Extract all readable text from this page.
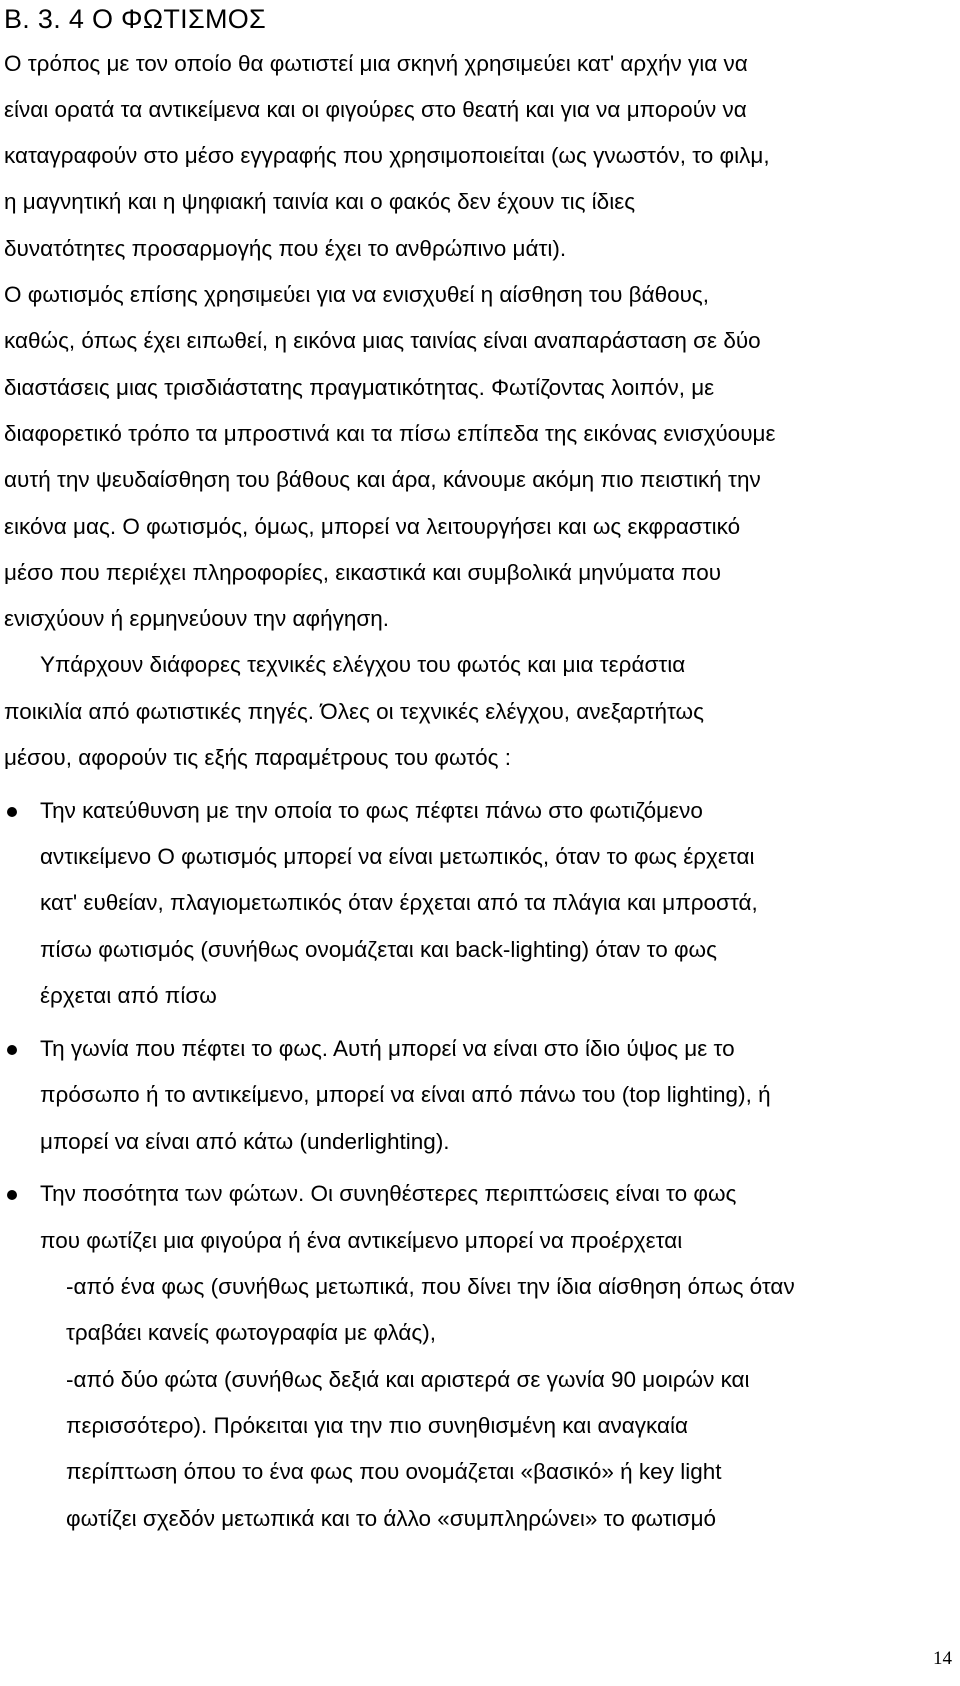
Β. 3. 4 Ο ΦΩΤΙΣΜΟΣ
Ο τρόπος με τον οποίο θα φωτιστεί μια σκηνή χρησιμεύει κατ' αρχήν για να
είναι ορατά τα αντικείμενα και οι φιγούρες στο θεατή και για να μπορούν να
καταγραφούν στο μέσο εγγραφής που χρησιμοποιείται (ως γνωστόν, το φιλμ,
η μαγνητική και η ψηφιακή ταινία και ο φακός δεν έχουν τις ίδιες
δυνατότητες προσαρμογής που έχει το ανθρώπινο μάτι).
Ο φωτισμός επίσης χρησιμεύει για να ενισχυθεί η αίσθηση του βάθους,
καθώς, όπως έχει ειπωθεί, η εικόνα μιας ταινίας είναι αναπαράσταση σε δύο
διαστάσεις μιας τρισδιάστατης πραγματικότητας. Φωτίζοντας λοιπόν, με
διαφορετικό τρόπο τα μπροστινά και τα πίσω επίπεδα της εικόνας ενισχύουμε
αυτή την ψευδαίσθηση του βάθους και άρα, κάνουμε ακόμη πιο πειστική την
εικόνα μας. Ο φωτισμός, όμως, μπορεί να λειτουργήσει και ως εκφραστικό
μέσο που περιέχει πληροφορίες, εικαστικά και συμβολικά μηνύματα που
ενισχύουν ή ερμηνεύουν την αφήγηση.
Υπάρχουν διάφορες τεχνικές ελέγχου του φωτός και μια τεράστια
ποικιλία από φωτιστικές πηγές. Όλες οι τεχνικές ελέγχου, ανεξαρτήτως
μέσου, αφορούν τις εξής παραμέτρους του φωτός :
Την κατεύθυνση με την οποία το φως πέφτει πάνω στο φωτιζόμενο
αντικείμενο Ο φωτισμός μπορεί να είναι μετωπικός, όταν το φως έρχεται
κατ' ευθείαν, πλαγιομετωπικός όταν έρχεται από τα πλάγια και μπροστά,
πίσω φωτισμός (συνήθως ονομάζεται και back-lighting) όταν το φως
έρχεται από πίσω
Τη γωνία που πέφτει το φως. Αυτή μπορεί να είναι στο ίδιο ύψος με το
πρόσωπο ή το αντικείμενο, μπορεί να είναι από πάνω του (top lighting), ή
μπορεί να είναι από κάτω (underlighting).
Την ποσότητα των φώτων. Οι συνηθέστερες περιπτώσεις είναι το φως
που φωτίζει μια φιγούρα ή ένα αντικείμενο μπορεί να προέρχεται
-από ένα φως (συνήθως μετωπικά, που δίνει την ίδια αίσθηση όπως όταν
τραβάει κανείς φωτογραφία με φλάς),
-από δύο φώτα (συνήθως δεξιά και αριστερά σε γωνία 90 μοιρών και
περισσότερο). Πρόκειται για την πιο συνηθισμένη και αναγκαία
περίπτωση όπου το ένα φως που ονομάζεται «βασικό» ή key light
φωτίζει σχεδόν μετωπικά και το άλλο «συμπληρώνει» το φωτισμό
14
